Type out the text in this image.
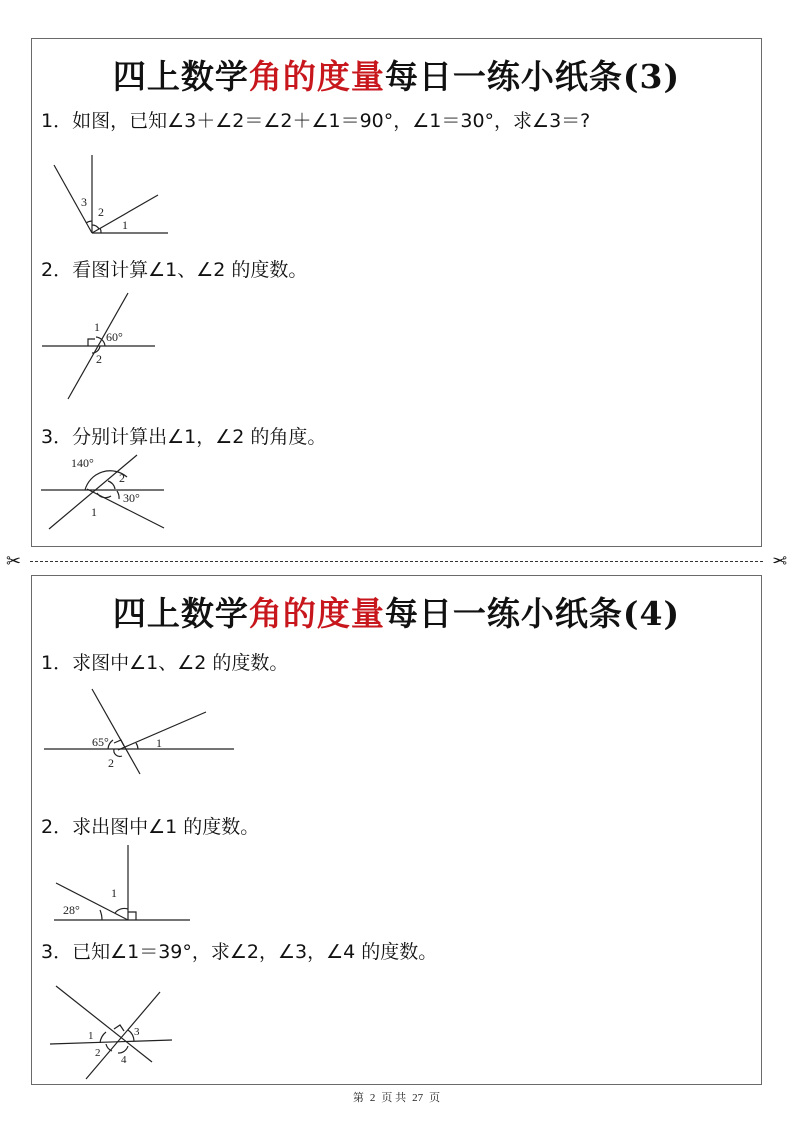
四上数学角的度量每日一练小纸条(3)
1．如图，已知∠3＋∠2＝∠2＋∠1＝90°，∠1＝30°，求∠3＝?
3
2
1
2．看图计算∠1、∠2 的度数。
1
60°
2
3．分别计算出∠1，∠2 的角度。
140°
2
30°
1
✂	✂
四上数学角的度量每日一练小纸条(4)
1．求图中∠1、∠2 的度数。
65°	1
2
2．求出图中∠1 的度数。
1
28°
3．已知∠1＝39°，求∠2，∠3，∠4 的度数。
1	3
2
4
第 2 页 共 27 页
